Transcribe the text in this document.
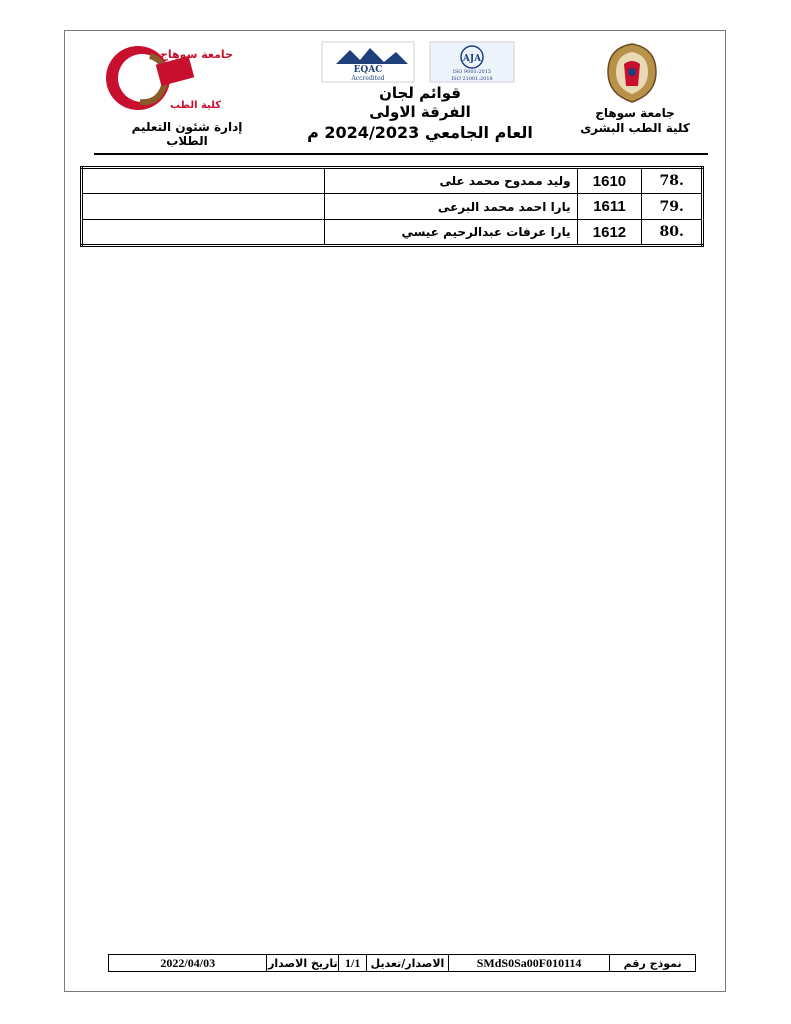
جامعة سوهاج
كلية الطب
إدارة شئون التعليم الطلاب
EQAC
Accredited
AJA
ISO 9001:2015
ISO 21001:2018
قوائم لجان
الفرقة الاولى
العام الجامعي 2024/2023 م
جامعة سوهاج
كلية الطب البشرى
.78	1610	وليد ممدوح محمد على	
.79	1611	يارا احمد محمد البرعى	
.80	1612	يارا عرفات عبدالرحيم عيسي	
نموذج رقم
SMdS0Sa00F010114
الاصدار/تعديل
1/1
تاريخ الاصدار
2022/04/03
